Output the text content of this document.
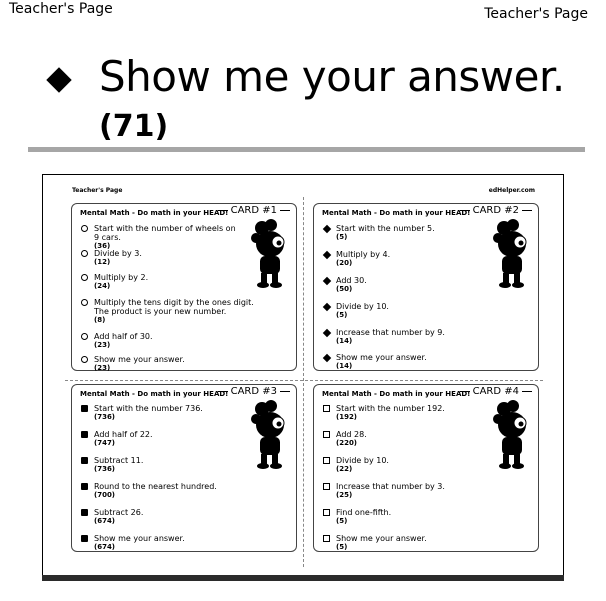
Teacher's Page	Teacher's Page
Show me your answer.
(71)
Teacher's Page	edHelper.com
Mental Math - Do math in your HEAD! CARD #1
Start with the number of wheels on 9 cars.
(36)
Divide by 3.
(12)
Multiply by 2.
(24)
Multiply the tens digit by the ones digit. The product is your new number.
(8)
Add half of 30.
(23)
Show me your answer.
(23)
Mental Math - Do math in your HEAD! CARD #2
Start with the number 5.
(5)
Multiply by 4.
(20)
Add 30.
(50)
Divide by 10.
(5)
Increase that number by 9.
(14)
Show me your answer.
(14)
Mental Math - Do math in your HEAD! CARD #3
Start with the number 736.
(736)
Add half of 22.
(747)
Subtract 11.
(736)
Round to the nearest hundred.
(700)
Subtract 26.
(674)
Show me your answer.
(674)
Mental Math - Do math in your HEAD! CARD #4
Start with the number 192.
(192)
Add 28.
(220)
Divide by 10.
(22)
Increase that number by 3.
(25)
Find one-fifth.
(5)
Show me your answer.
(5)
